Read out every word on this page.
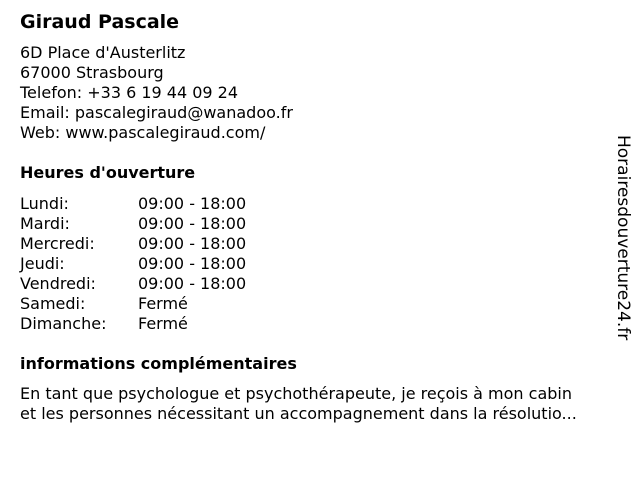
Giraud Pascale
6D Place d'Austerlitz
67000 Strasbourg
Telefon: +33 6 19 44 09 24
Email: pascalegiraud@wanadoo.fr
Web: www.pascalegiraud.com/
Heures d'ouverture
Lundi:	09:00 - 18:00
Mardi:	09:00 - 18:00
Mercredi:	09:00 - 18:00
Jeudi:	09:00 - 18:00
Vendredi:	09:00 - 18:00
Samedi:	Fermé
Dimanche: Fermé
informations complémentaires
En tant que psychologue et psychothérapeute, je reçois à mon cabin
et les personnes nécessitant un accompagnement dans la résolutio...
Horairesdouverture24.fr
